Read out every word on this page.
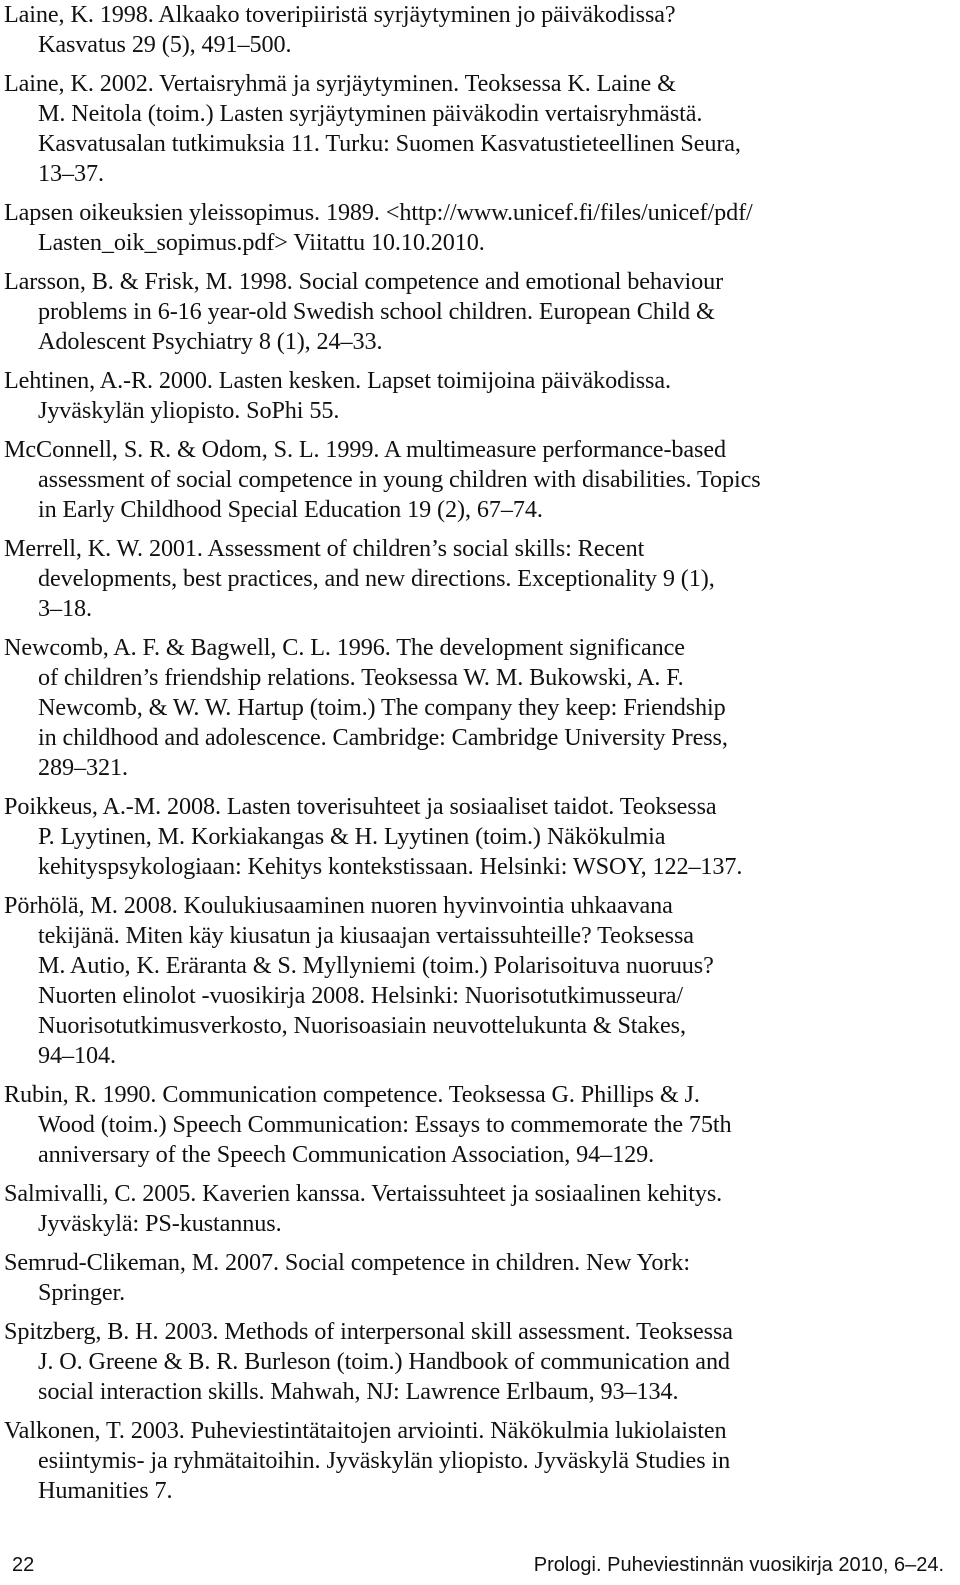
Laine, K. 1998. Alkaako toveripiiristä syrjäytyminen jo päiväkodissa?
Kasvatus 29 (5), 491–500.
Laine, K. 2002. Vertaisryhmä ja syrjäytyminen. Teoksessa K. Laine &
M. Neitola (toim.) Lasten syrjäytyminen päiväkodin vertaisryhmästä.
Kasvatusalan tutkimuksia 11. Turku: Suomen Kasvatustieteellinen Seura,
13–37.
Lapsen oikeuksien yleissopimus. 1989. <http://www.unicef.fi/files/unicef/pdf/
Lasten_oik_sopimus.pdf> Viitattu 10.10.2010.
Larsson, B. & Frisk, M. 1998. Social competence and emotional behaviour
problems in 6-16 year-old Swedish school children. European Child &
Adolescent Psychiatry 8 (1), 24–33.
Lehtinen, A.-R. 2000. Lasten kesken. Lapset toimijoina päiväkodissa.
Jyväskylän yliopisto. SoPhi 55.
McConnell, S. R. & Odom, S. L. 1999. A multimeasure performance-based
assessment of social competence in young children with disabilities. Topics
in Early Childhood Special Education 19 (2), 67–74.
Merrell, K. W. 2001. Assessment of children’s social skills: Recent
developments, best practices, and new directions. Exceptionality 9 (1),
3–18.
Newcomb, A. F. & Bagwell, C. L. 1996. The development significance
of children’s friendship relations. Teoksessa W. M. Bukowski, A. F.
Newcomb, & W. W. Hartup (toim.) The company they keep: Friendship
in childhood and adolescence. Cambridge: Cambridge University Press,
289–321.
Poikkeus, A.-M. 2008. Lasten toverisuhteet ja sosiaaliset taidot. Teoksessa
P. Lyytinen, M. Korkiakangas & H. Lyytinen (toim.) Näkökulmia
kehityspsykologiaan: Kehitys kontekstissaan. Helsinki: WSOY, 122–137.
Pörhölä, M. 2008. Koulukiusaaminen nuoren hyvinvointia uhkaavana
tekijänä. Miten käy kiusatun ja kiusaajan vertaissuhteille? Teoksessa
M. Autio, K. Eräranta & S. Myllyniemi (toim.) Polarisoituva nuoruus?
Nuorten elinolot -vuosikirja 2008. Helsinki: Nuorisotutkimusseura/
Nuorisotutkimusverkosto, Nuorisoasiain neuvottelukunta & Stakes,
94–104.
Rubin, R. 1990. Communication competence. Teoksessa G. Phillips & J.
Wood (toim.) Speech Communication: Essays to commemorate the 75th
anniversary of the Speech Communication Association, 94–129.
Salmivalli, C. 2005. Kaverien kanssa. Vertaissuhteet ja sosiaalinen kehitys.
Jyväskylä: PS-kustannus.
Semrud-Clikeman, M. 2007. Social competence in children. New York:
Springer.
Spitzberg, B. H. 2003. Methods of interpersonal skill assessment. Teoksessa
J. O. Greene & B. R. Burleson (toim.) Handbook of communication and
social interaction skills. Mahwah, NJ: Lawrence Erlbaum, 93–134.
Valkonen, T. 2003. Puheviestintätaitojen arviointi. Näkökulmia lukiolaisten
esiintymis- ja ryhmätaitoihin. Jyväskylän yliopisto. Jyväskylä Studies in
Humanities 7.
22	Prologi. Puheviestinnän vuosikirja 2010, 6–24.
